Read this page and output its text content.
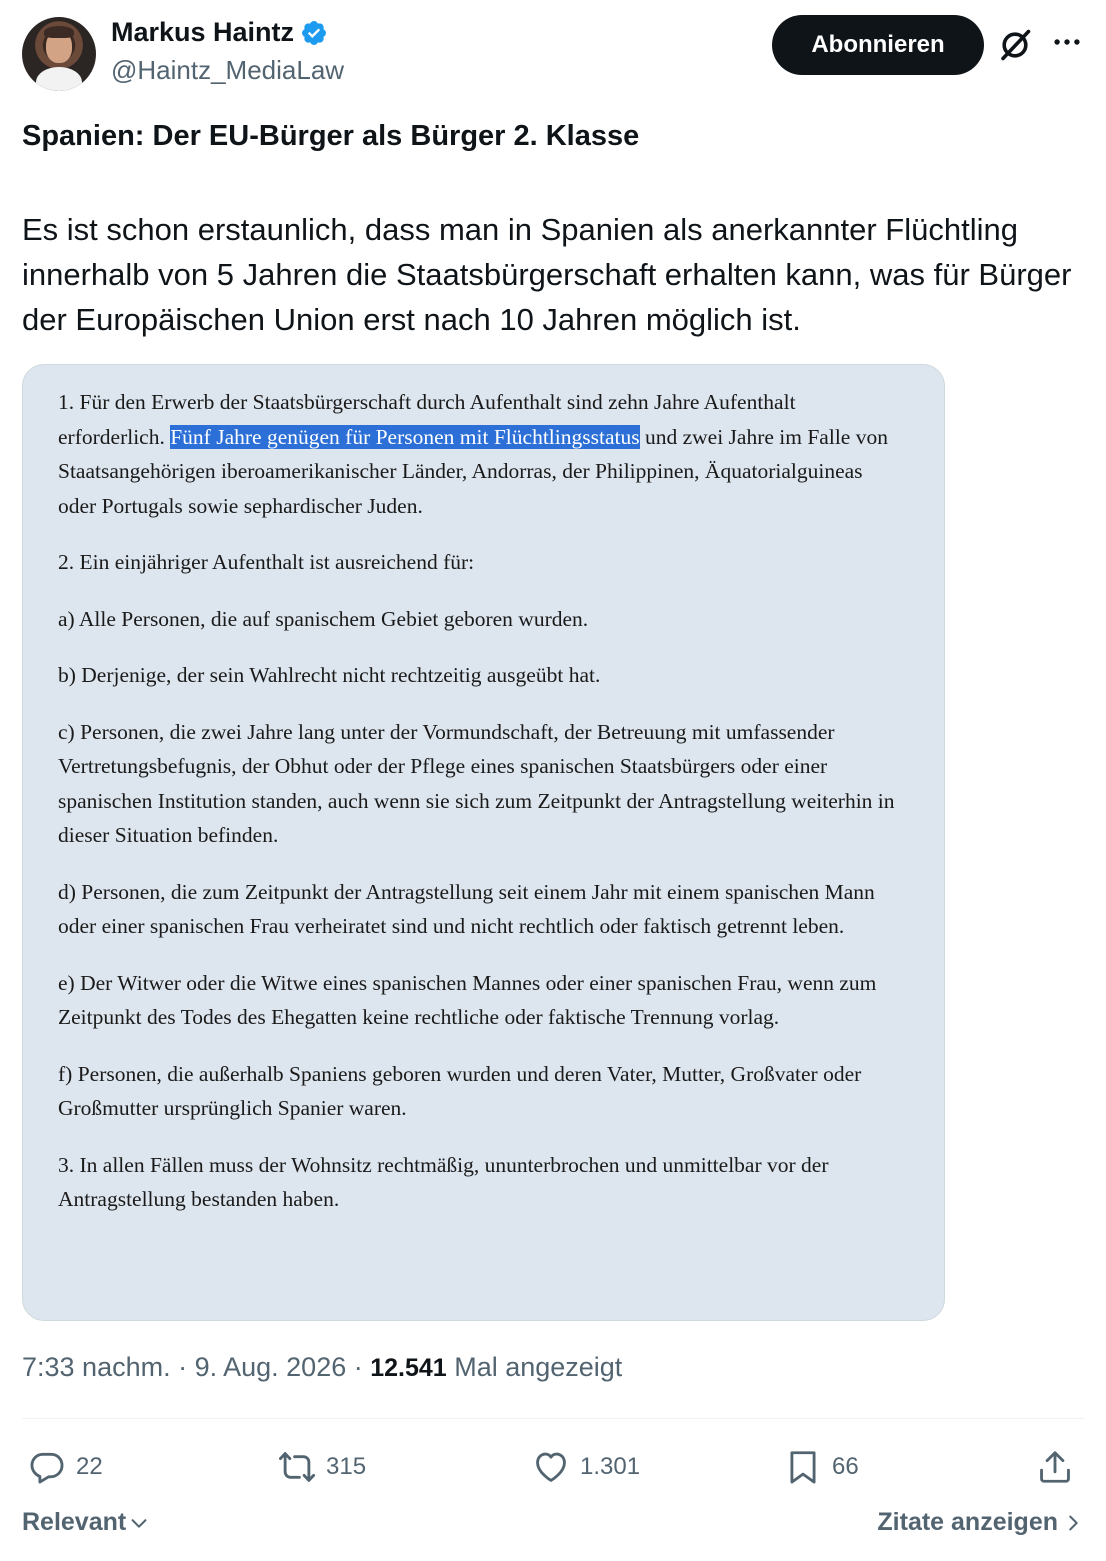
Markus Haintz
@Haintz_MediaLaw
Abonnieren
Spanien: Der EU-Bürger als Bürger 2. Klasse
Es ist schon erstaunlich, dass man in Spanien als anerkannter Flüchtling innerhalb von 5 Jahren die Staatsbürgerschaft erhalten kann, was für Bürger der Europäischen Union erst nach 10 Jahren möglich ist.

1. Für den Erwerb der Staatsbürgerschaft durch Aufenthalt sind zehn Jahre Aufenthalt erforderlich. Fünf Jahre genügen für Personen mit Flüchtlingsstatus und zwei Jahre im Falle von Staatsangehörigen iberoamerikanischer Länder, Andorras, der Philippinen, Äquatorialguineas oder Portugals sowie sephardischer Juden.

2. Ein einjähriger Aufenthalt ist ausreichend für:

a) Alle Personen, die auf spanischem Gebiet geboren wurden.

b) Derjenige, der sein Wahlrecht nicht rechtzeitig ausgeübt hat.

c) Personen, die zwei Jahre lang unter der Vormundschaft, der Betreuung mit umfassender Vertretungsbefugnis, der Obhut oder der Pflege eines spanischen Staatsbürgers oder einer spanischen Institution standen, auch wenn sie sich zum Zeitpunkt der Antragstellung weiterhin in dieser Situation befinden.

d) Personen, die zum Zeitpunkt der Antragstellung seit einem Jahr mit einem spanischen Mann oder einer spanischen Frau verheiratet sind und nicht rechtlich oder faktisch getrennt leben.

e) Der Witwer oder die Witwe eines spanischen Mannes oder einer spanischen Frau, wenn zum Zeitpunkt des Todes des Ehegatten keine rechtliche oder faktische Trennung vorlag.

f) Personen, die außerhalb Spaniens geboren wurden und deren Vater, Mutter, Großvater oder Großmutter ursprünglich Spanier waren.

3. In allen Fällen muss der Wohnsitz rechtmäßig, ununterbrochen und unmittelbar vor der Antragstellung bestanden haben.

7:33 nachm. · 9. Aug. 2026 · 12.541 Mal angezeigt
22	315	1.301	66
Relevant	Zitate anzeigen
